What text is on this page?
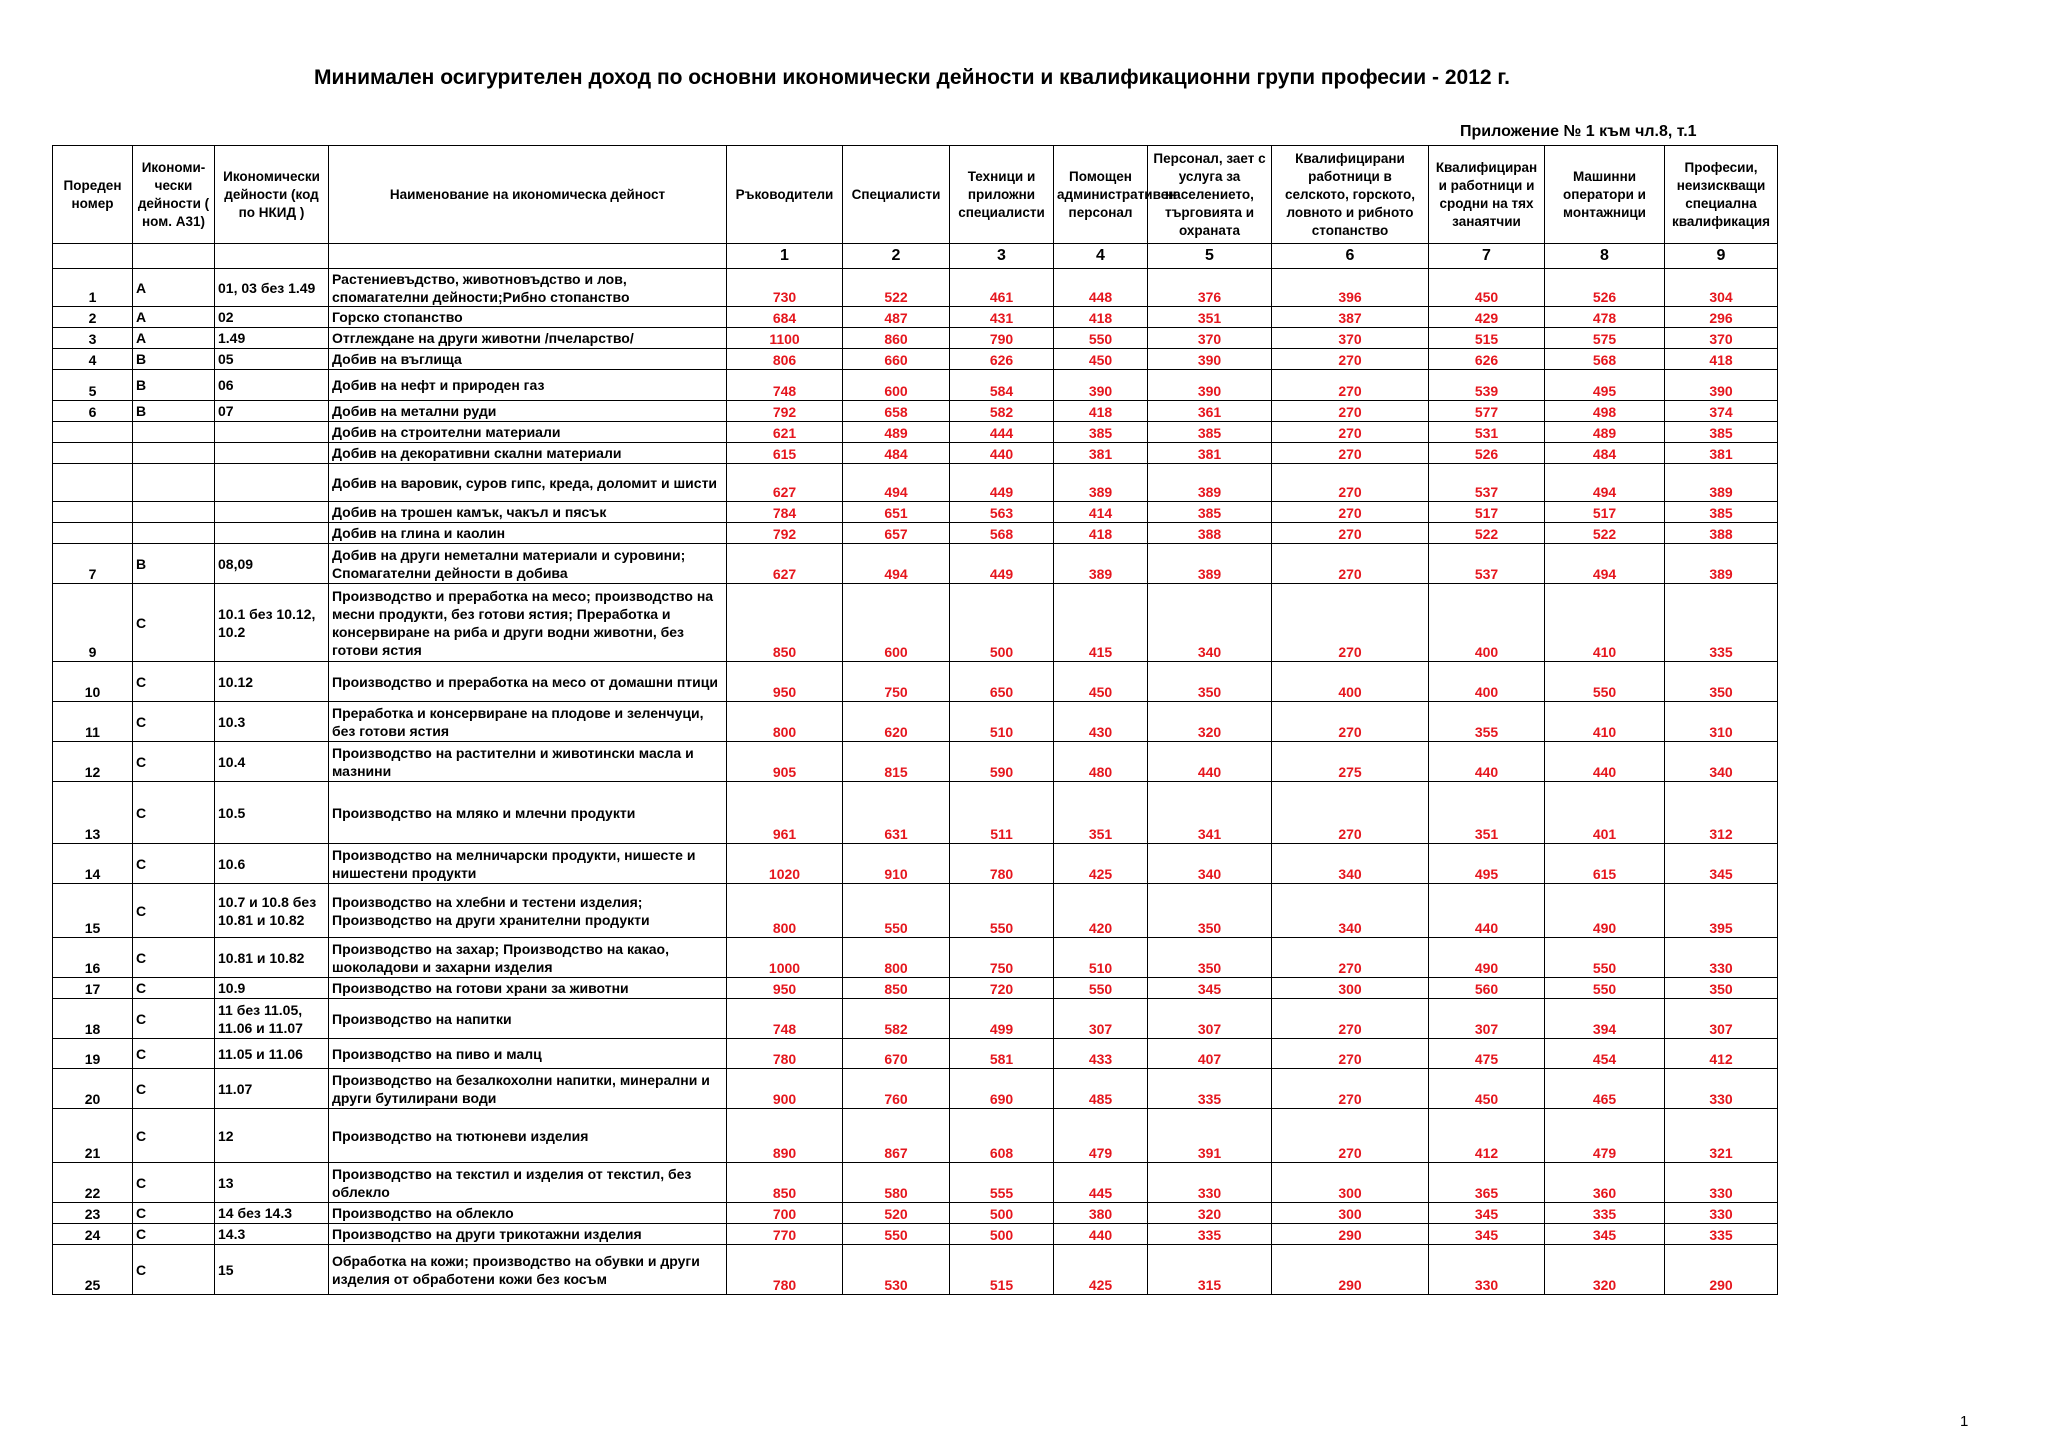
Минимален осигурителен доход по основни икономически дейности и квалификационни групи професии - 2012 г.
Приложение № 1 към чл.8, т.1
Пореден номер	Икономи- чески дейности ( ном. А31)	Икономически дейности (код по НКИД )	Наименование на икономическа дейност	Ръководители	Специалисти	Техници и приложни специалисти	Помощен административен персонал	Персонал, зает с услуга за населението, търговията и охраната	Квалифицирани работници в селското, горското, ловното и рибното стопанство	Квалифициран и работници и сродни на тях занаятчии	Машинни оператори и монтажници	Професии, неизискващи специална квалификация
				1	2	3	4	5	6	7	8	9
1	A	01, 03 без 1.49	Растениевъдство, животновъдство и лов, спомагателни дейности;Рибно стопанство	730	522	461	448	376	396	450	526	304
2	A	02	Горско стопанство	684	487	431	418	351	387	429	478	296
3	A	1.49	Отглеждане на други животни /пчеларство/	1100	860	790	550	370	370	515	575	370
4	B	05	Добив на въглища	806	660	626	450	390	270	626	568	418
5	B	06	Добив на нефт и природен газ	748	600	584	390	390	270	539	495	390
6	B	07	Добив на метални руди	792	658	582	418	361	270	577	498	374
			Добив на строителни материали	621	489	444	385	385	270	531	489	385
			Добив на декоративни скални материали	615	484	440	381	381	270	526	484	381
			Добив на варовик, суров гипс, креда, доломит и шисти	627	494	449	389	389	270	537	494	389
			Добив на трошен камък, чакъл и пясък	784	651	563	414	385	270	517	517	385
			Добив на глина и каолин	792	657	568	418	388	270	522	522	388
7	B	08,09	Добив на други неметални материали и суровини; Спомагателни дейности в добива	627	494	449	389	389	270	537	494	389
9	C	10.1 без 10.12, 10.2	Производство и преработка на месо; производство на месни продукти, без готови ястия; Преработка и консервиране на риба и други водни животни, без готови ястия	850	600	500	415	340	270	400	410	335
10	C	10.12	Производство и преработка на месо от домашни птици	950	750	650	450	350	400	400	550	350
11	C	10.3	Преработка и консервиране на плодове и зеленчуци, без готови ястия	800	620	510	430	320	270	355	410	310
12	C	10.4	Производство на растителни и животински масла и мазнини	905	815	590	480	440	275	440	440	340
13	C	10.5	Производство на мляко и млечни продукти	961	631	511	351	341	270	351	401	312
14	C	10.6	Производство на мелничарски продукти, нишесте и нишестени продукти	1020	910	780	425	340	340	495	615	345
15	C	10.7 и 10.8 без 10.81 и 10.82	Производство на хлебни и тестени изделия; Производство на други хранителни продукти	800	550	550	420	350	340	440	490	395
16	C	10.81 и 10.82	Производство на захар; Производство на какао, шоколадови и захарни изделия	1000	800	750	510	350	270	490	550	330
17	C	10.9	Производство на готови храни за животни	950	850	720	550	345	300	560	550	350
18	C	11 без 11.05, 11.06 и 11.07	Производство на напитки	748	582	499	307	307	270	307	394	307
19	C	11.05 и 11.06	Производство на пиво и малц	780	670	581	433	407	270	475	454	412
20	C	11.07	Производство на безалкохолни напитки, минерални и други бутилирани води	900	760	690	485	335	270	450	465	330
21	C	12	Производство на тютюневи изделия	890	867	608	479	391	270	412	479	321
22	C	13	Производство на текстил и изделия от текстил, без облекло	850	580	555	445	330	300	365	360	330
23	C	14 без 14.3	Производство на облекло	700	520	500	380	320	300	345	335	330
24	C	14.3	Производство на други трикотажни изделия	770	550	500	440	335	290	345	345	335
25	C	15	Обработка на кожи; производство на обувки и други изделия от обработени кожи без косъм	780	530	515	425	315	290	330	320	290
1
